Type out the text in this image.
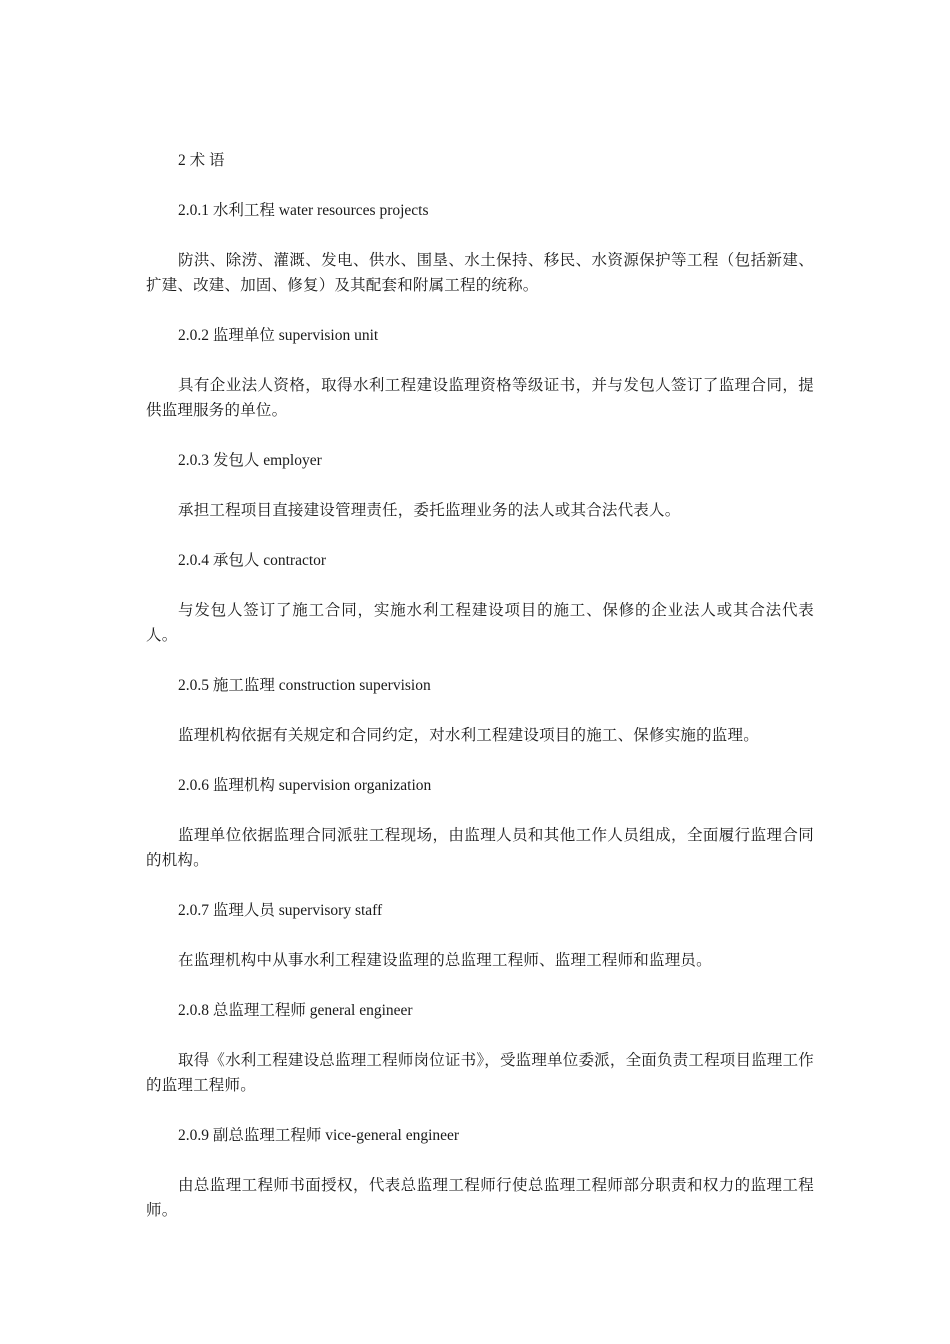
2 术 语

2.0.1 水利工程 water resources projects

防洪、除涝、灌溉、发电、供水、围垦、水土保持、移民、水资源保护等工程（包括新建、扩建、改建、加固、修复）及其配套和附属工程的统称。

2.0.2 监理单位 supervision unit

具有企业法人资格，取得水利工程建设监理资格等级证书，并与发包人签订了监理合同，提供监理服务的单位。

2.0.3 发包人 employer

承担工程项目直接建设管理责任，委托监理业务的法人或其合法代表人。

2.0.4 承包人 contractor

与发包人签订了施工合同，实施水利工程建设项目的施工、保修的企业法人或其合法代表人。

2.0.5 施工监理 construction supervision

监理机构依据有关规定和合同约定，对水利工程建设项目的施工、保修实施的监理。

2.0.6 监理机构 supervision organization

监理单位依据监理合同派驻工程现场，由监理人员和其他工作人员组成，全面履行监理合同的机构。

2.0.7 监理人员 supervisory staff

在监理机构中从事水利工程建设监理的总监理工程师、监理工程师和监理员。

2.0.8 总监理工程师 general engineer

取得《水利工程建设总监理工程师岗位证书》，受监理单位委派，全面负责工程项目监理工作的监理工程师。

2.0.9 副总监理工程师 vice-general engineer

由总监理工程师书面授权，代表总监理工程师行使总监理工程师部分职责和权力的监理工程师。
